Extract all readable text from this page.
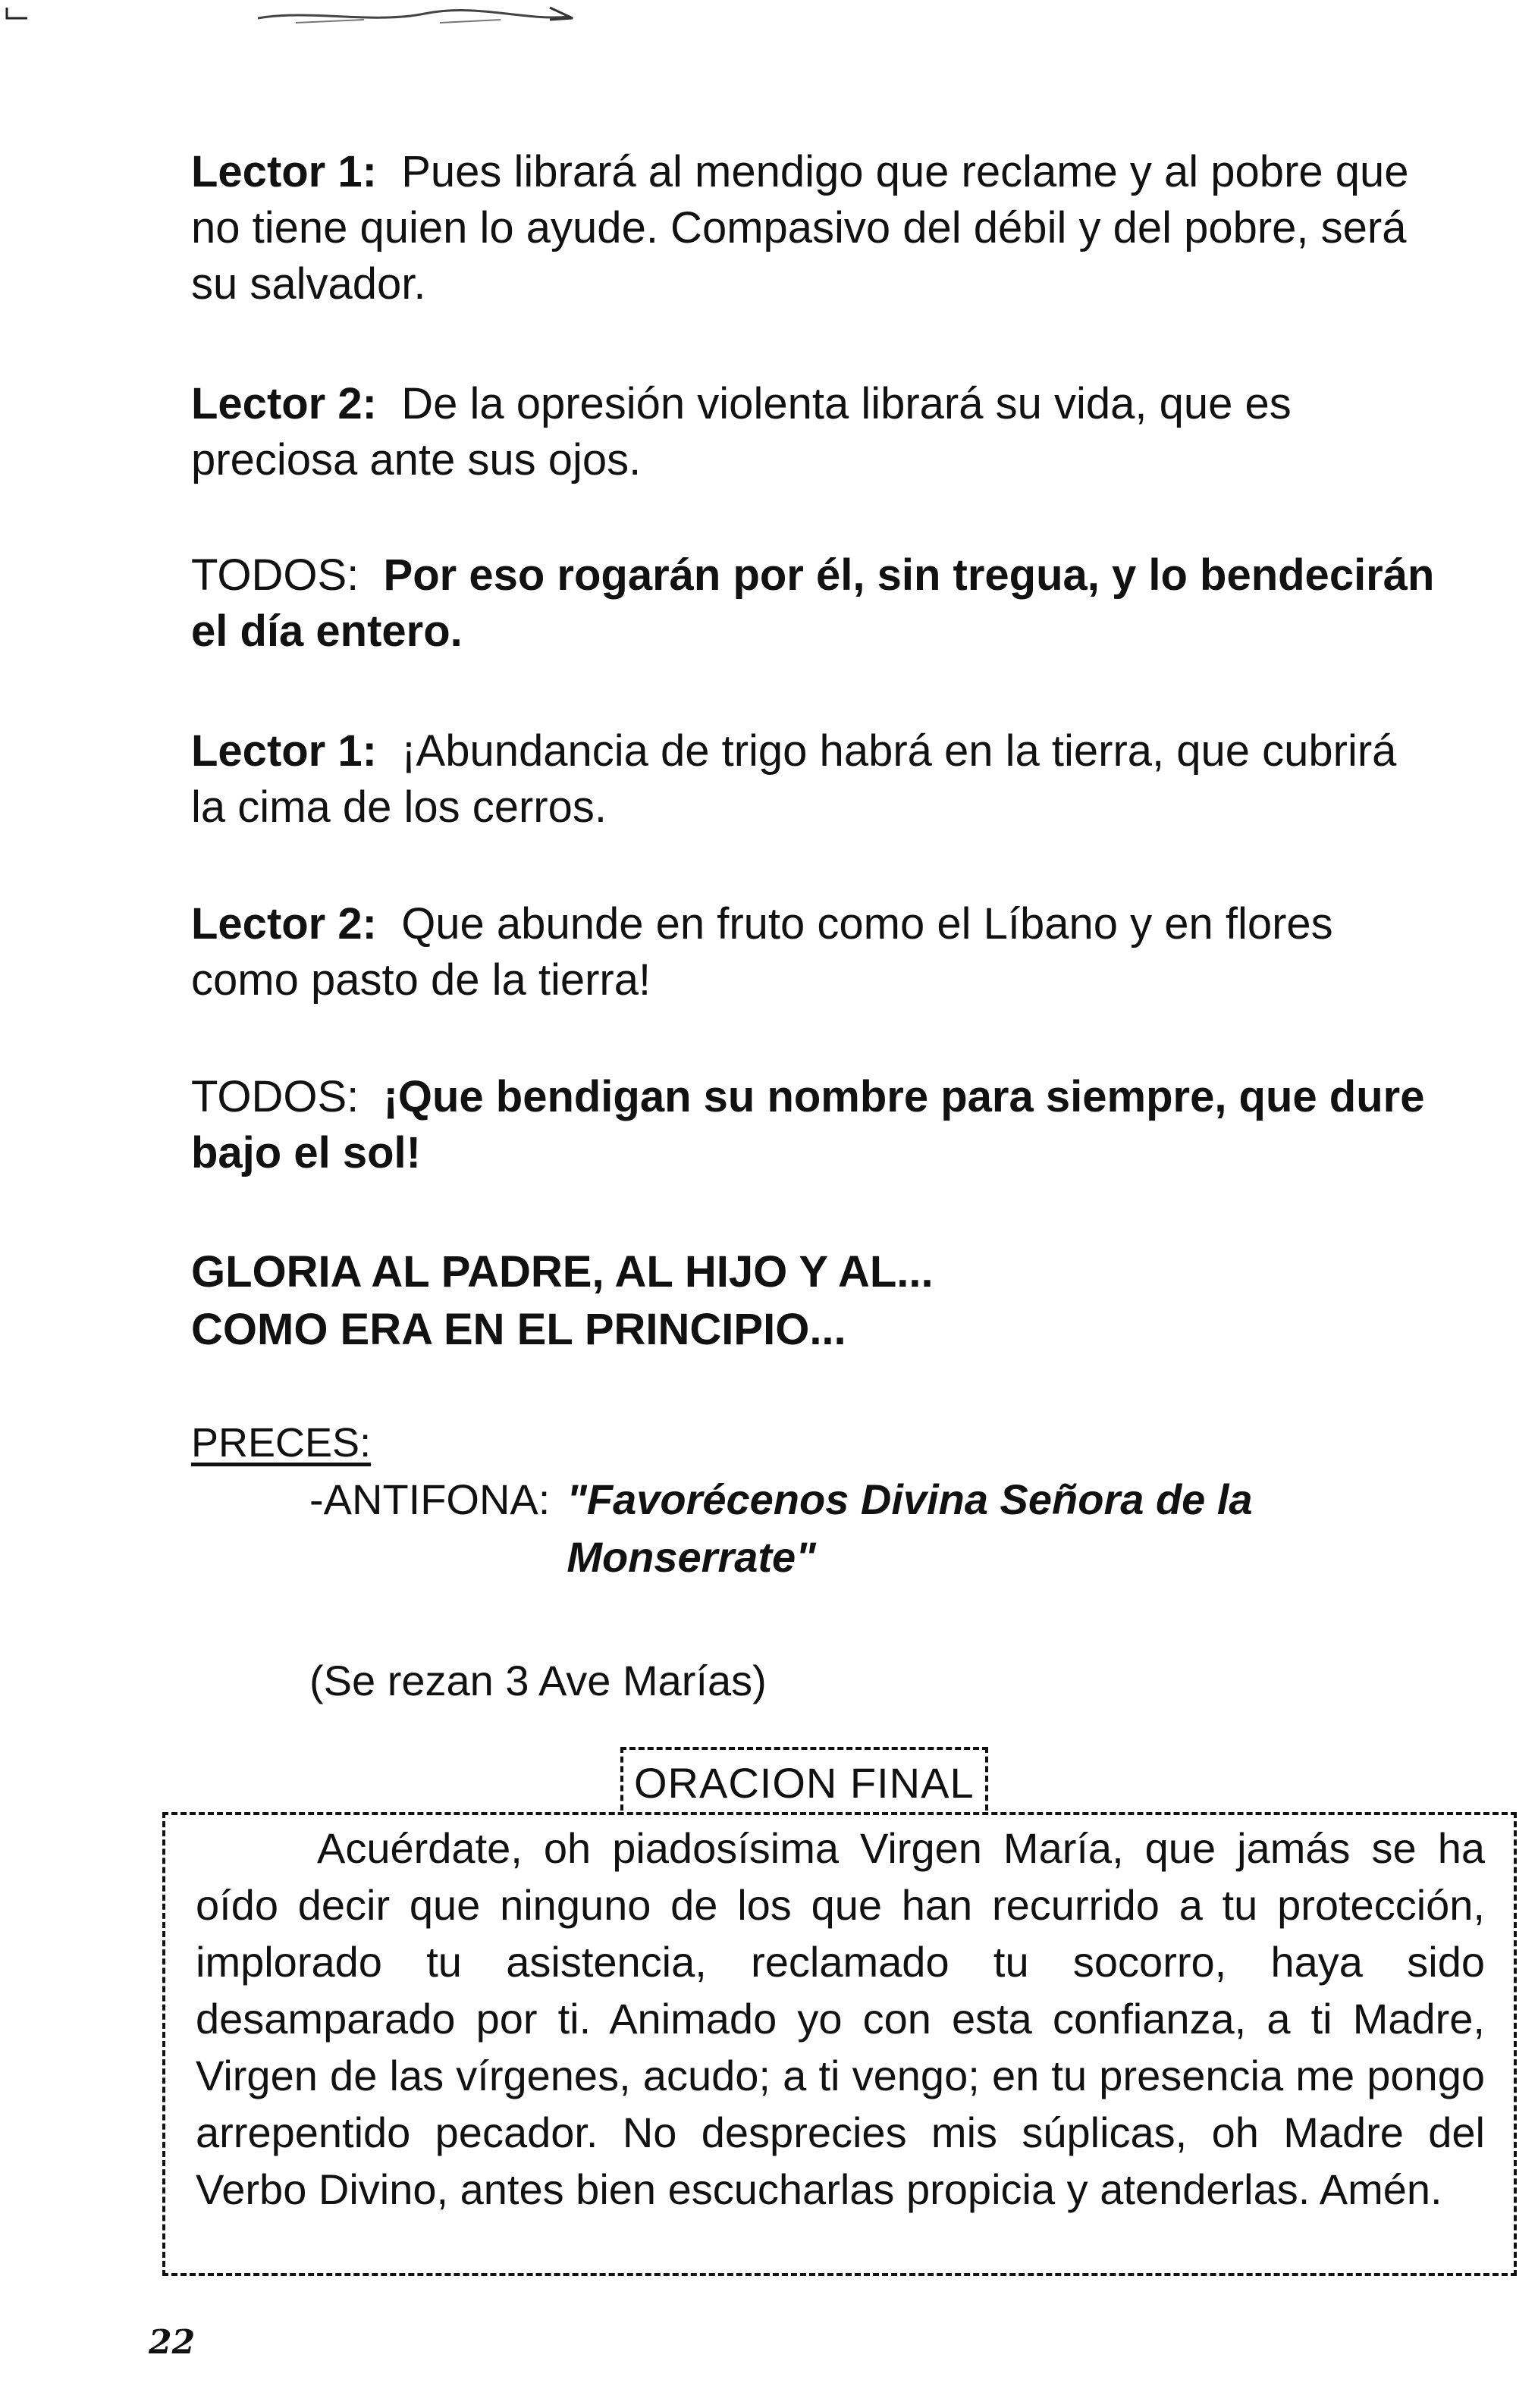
Lector 1: Pues librará al mendigo que reclame y al pobre que no tiene quien lo ayude. Compasivo del débil y del pobre, será su salvador.

Lector 2: De la opresión violenta librará su vida, que es preciosa ante sus ojos.

TODOS: Por eso rogarán por él, sin tregua, y lo bendecirán el día entero.

Lector 1: ¡Abundancia de trigo habrá en la tierra, que cubrirá la cima de los cerros.

Lector 2: Que abunde en fruto como el Líbano y en flores como pasto de la tierra!

TODOS: ¡Que bendigan su nombre para siempre, que dure bajo el sol!

GLORIA AL PADRE, AL HIJO Y AL...
COMO ERA EN EL PRINCIPIO...
PRECES:
-ANTIFONA: "Favorécenos Divina Señora de la Monserrate"
(Se rezan 3 Ave Marías)
ORACION FINAL
Acuérdate, oh piadosísima Virgen María, que jamás se ha oído decir que ninguno de los que han recurrido a tu protección, implorado tu asistencia, reclamado tu socorro, haya sido desamparado por ti. Animado yo con esta confianza, a ti Madre, Virgen de las vírgenes, acudo; a ti vengo; en tu presencia me pongo arrepentido pecador. No desprecies mis súplicas, oh Madre del Verbo Divino, antes bien escucharlas propicia y atenderlas. Amén.
22
